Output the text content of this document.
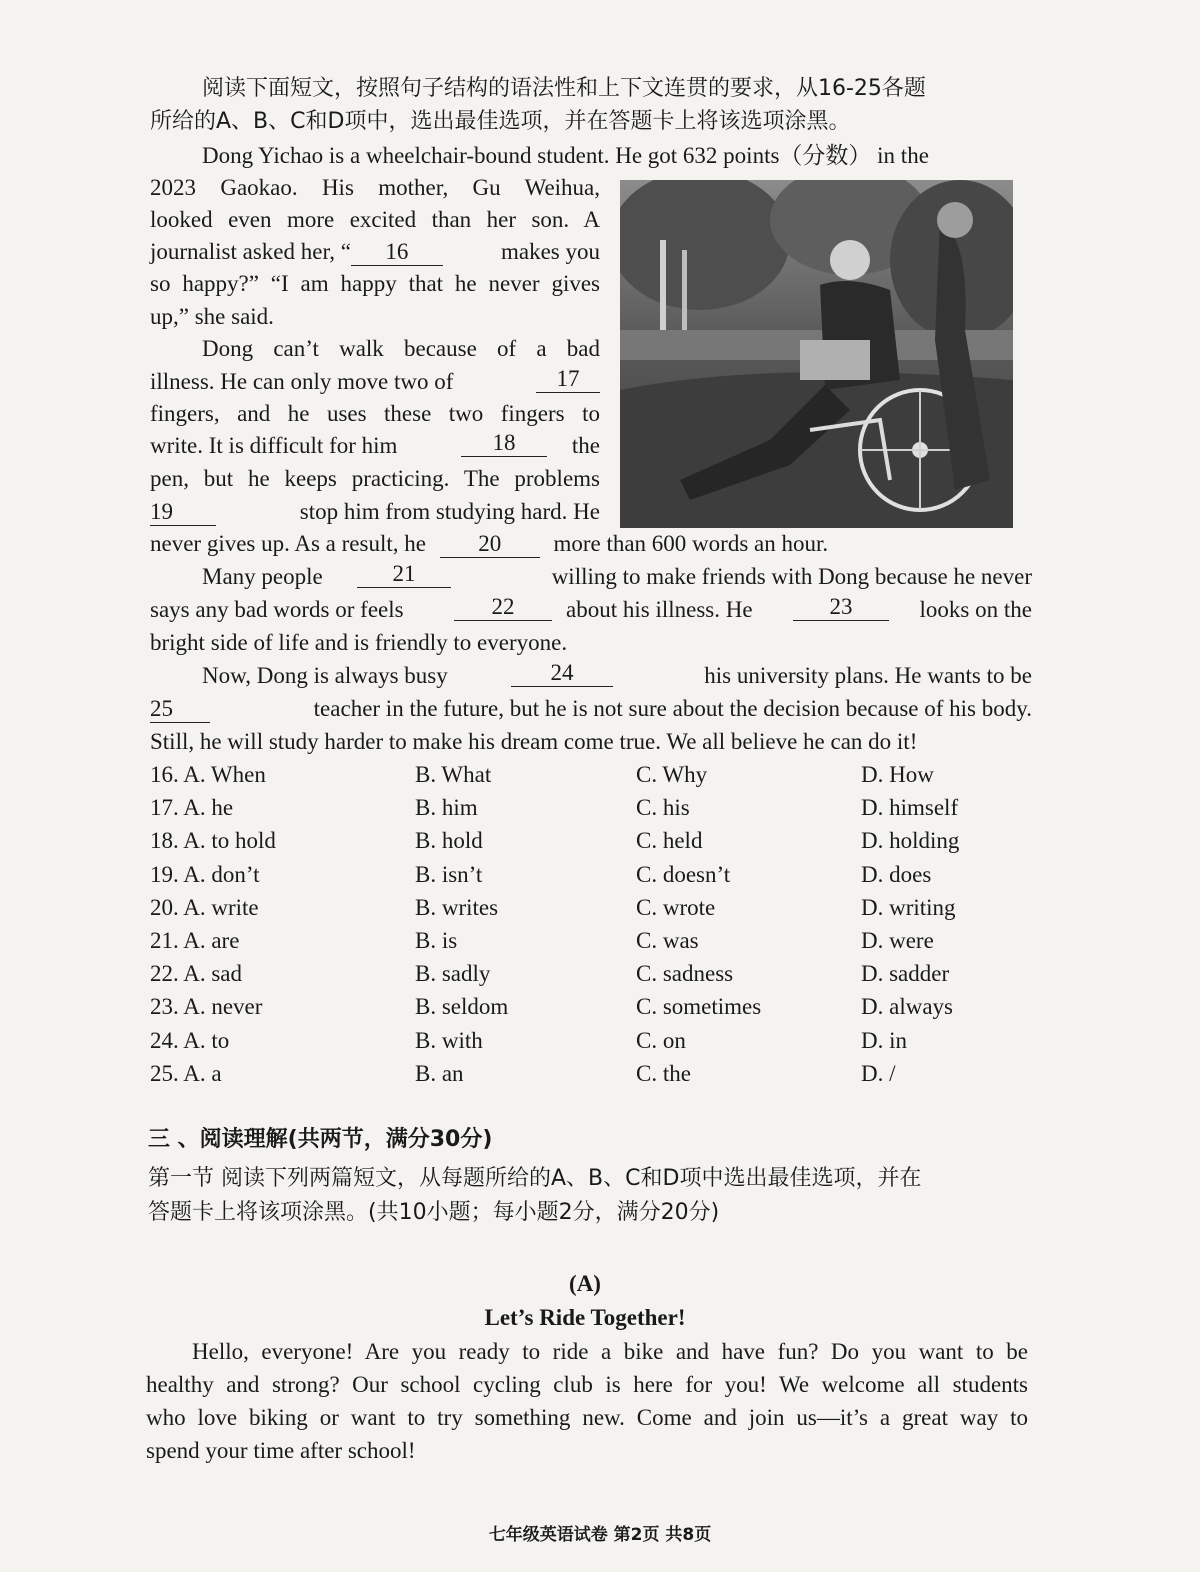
阅读下面短文，按照句子结构的语法性和上下文连贯的要求，从16-25各题
所给的A、B、C和D项中，选出最佳选项，并在答题卡上将该选项涂黑。
Dong Yichao is a wheelchair-bound student. He got 632 points（分数） in the
2023 Gaokao. His mother, Gu Weihua,
looked even more excited than her son. A
journalist asked her, “ 16	makes you
so happy?” “I am happy that he never gives
up,” she said.
Dong can’t walk because of a bad
illness. He can only move two of	17
fingers, and he uses these two fingers to
write. It is difficult for him	18	the
pen, but he keeps practicing. The problems
19	stop him from studying hard. He
never gives up. As a result, he 20 more than 600 words an hour.
Many people	21	willing to make friends with Dong because he never
says any bad words or feels	22	about his illness. He	23	looks on the
bright side of life and is friendly to everyone.
Now, Dong is always busy	24	his university plans. He wants to be
25	teacher in the future, but he is not sure about the decision because of his body.
Still, he will study harder to make his dream come true. We all believe he can do it!
16. A. When	B. What	C. Why	D. How
17. A. he	B. him	C. his	D. himself
18. A. to hold	B. hold	C. held	D. holding
19. A. don’t	B. isn’t	C. doesn’t	D. does
20. A. write	B. writes	C. wrote	D. writing
21. A. are	B. is	C. was	D. were
22. A. sad	B. sadly	C. sadness	D. sadder
23. A. never	B. seldom	C. sometimes	D. always
24. A. to	B. with	C. on	D. in
25. A. a	B. an	C. the	D. /
三 、阅读理解(共两节，满分30分)
第一节 阅读下列两篇短文，从每题所给的A、B、C和D项中选出最佳选项，并在
答题卡上将该项涂黑。(共10小题；每小题2分，满分20分)
(A)
Let’s Ride Together!
Hello, everyone! Are you ready to ride a bike and have fun? Do you want to be
healthy and strong? Our school cycling club is here for you! We welcome all students
who love biking or want to try something new. Come and join us—it’s a great way to
spend your time after school!
七年级英语试卷 第2页 共8页
